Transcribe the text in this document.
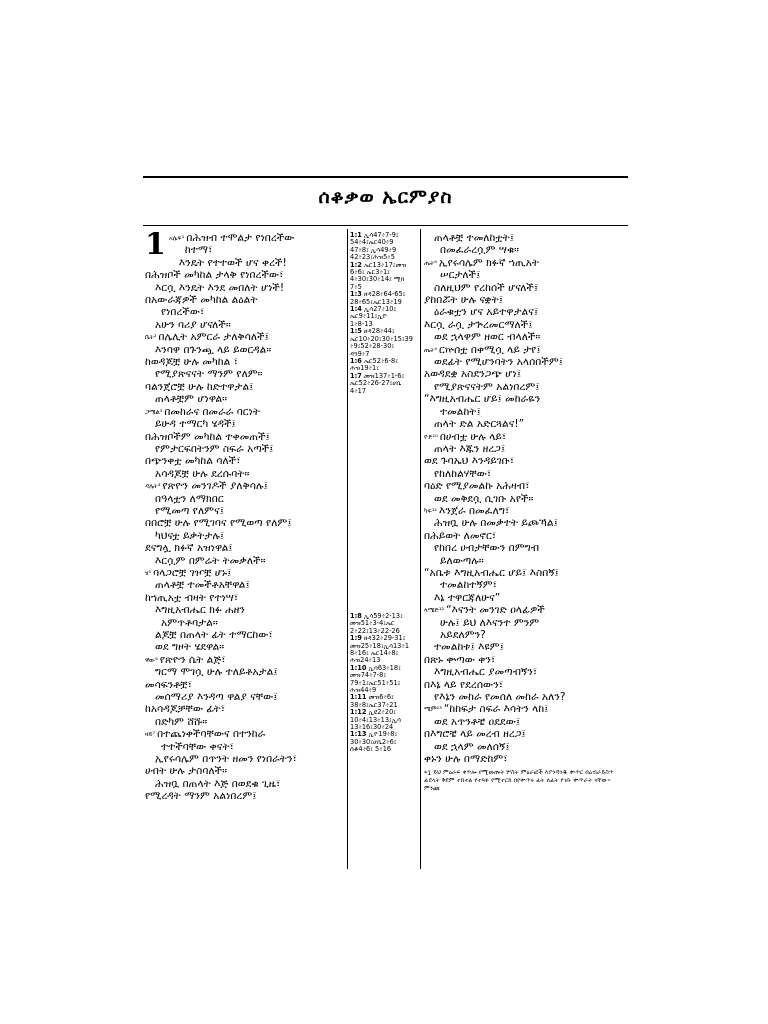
ሰቆቃወ ኤርምያስ
1 $^{አሌፍ^1}$ በሕዝብ ተሞልታ የነበረችው
ከተማ፣
እንዴት የተተወች ሆና ቀረች!
በሕዝቦች መካከል ታላቅ የነበረችው፣
እርሷ እንዴት እንደ መበለት ሆነች!
በአውራጃዎች መካከል ልዕልት
የነበረችው፣
አሁን ባሪያ ሆናለች።
$^{ቤት^2}$ በሌሊት አምርራ ታለቅሳለች፤
እንባዋ በጉንጯ ላይ ይወርዳል።
ከወዳጆቿ ሁሉ መካከል ፣
የሚያጽናናት ማንም የለም።
ባልንጀሮቿ ሁሉ ከድተዋታል፤
ጠላቶቿም ሆነዋል።
$^{ጋሜል^3}$ በመከራና በመራራ ባርነት
ይሁዳ ተማርካ ሄዳች፤
በሕዝቦችም መካከል ተቀመጠች፤
የምታርፍበትንም ስፍራ አጣች፤
በጭንቀቷ መካከል ሳለች፣
አሳዳጆቿ ሁሉ ደረሱባት።
$^{ዳሌት^4}$ የጽዮን መንገዶች ያለቅሳሉ፤
በዓላቷን ለማክበር
የሚመጣ የለምና፤
በበሮቿ ሁሉ የሚገባና የሚወጣ የለም፤
ካህናቷ ይቃትታሉ፤
ደናግሏ ክፉኛ አዝነዋል፤
እርሷም በምሬት ትመቃለች።
$^{ሄ^5}$ ባላጋሮቿ ገዦቿ ሆኑ፤
ጠላቶቿ ተመችቶአቸዋል፤
ከኀጢአቷ ብዛት የተነሣ፣
እግዚአብሔር ክፉ ሐዘን
አምጥቶባታል።
ልጆቿ በጠላት ፊት ተማርከው፣
ወደ ግዞት ሄደዋል።
$^{ዋው^6}$ የጽዮን ሴት ልጅ፣
ግርማ ሞገሷ ሁሉ ተለይቶአታል፤
መሳፍንቶቿ፣
መሰማሪያ እንዳጣ ዋልያ ናቸው፤
ከአሳዳጆቻቸው ፊት፣
በድካም ሸሹ።
$^{ዛይ^7}$ በተጨነቀችባቸውና በተንከራ
ተተችባቸው ቀናት፣
ኢየሩሳሌም በጥንት ዘመን የነበራትን፣
ሀብት ሁሉ ታስባለች።
ሕዝቧ በጠላት እጅ በወደቁ ጊዜ፣
የሚረዳት ማንም አልነበረም፤
1:1 ኢሳ47፥7-9፤
54፥4፤ኤር40፥9
47፥8፤ ኢሳ49፥9
42፥23፤ሕዝ5፥5
1:2 ኤር13፥17፤መዝ
6፥6፤ ኤር3፥1፤
4፥30፤30፥14፤ ሚክ
7፥5
1:3 ዘዳ28፥64-65፤
28፥65፤ኤር13፥19
1:4 ኢሳ27፥10፤
ኤር9፥11፤ኢዮ
1፥8-13
1:5 ዘዳ28፥44፤
ኤር10፥20፤30፥15፤39
፥9፤52፥28-30፤
ዳን9፥7
1:6 ኤር52፥6-8፤
ሕዝ19፥1፤
1:7 መዝ137፥1-6፤
ኤር52፥26-27፤ሆሴ
4፥17
1:8 ኢሳ59፥2-13፤
መዝ51፥3-4፤ኤር
2፥22፤13፥22-26
1:9 ዘዳ32፥29-31፤
መዝ25፥18፤ኢሳ13፥1
8፥16፤ ኤር14፥8፤
ሕዝ24፥13
1:10 ኢሳ63፥18፤
መዝ74፥7-8፤
79፥1፤ኤር51፥51፤
ሕዝ44፥9
1:11 መዝ6፥6፤
38፥8፤ኤር37፥21
1:12 ኢዩ2፥20፤
10፥4፤13፥13፤ኢሳ
13፥16፤30፥24
1:13 ኢዮ19፥8፤
30፥30፤ሆሴ2፥6፤
ሰቆ4፥6፤ 5፥16
ጠላቶቿ ተመለከቷት፤
በመፈራረሷም ሣቁ።
$^{ሔት^8}$ ኢየሩሳሌም ክፉኛ ኀጢአት
ሠርታለች፤
ስለዚህም የረከሰች ሆናለች፤
ያከበሯት ሁሉ ናቋት፤
ዕራቁቷን ሆና አይተዋታልና፤
እርሷ ራሷ ታጕረመርማለች፤
ወደ ኋላዋም ዘወር ብላለች።
$^{ጤት^9}$ ርኵሰቷ በቀሚሷ ላይ ታየ፤
ወደፊት የሚሆንባትን አላሰበችም፤
አወዳደቋ አስደንጋጭ ሆነ፤
የሚያጽናናትም አልነበረም፤
“እግዚአብሔር ሆይ፤ መከራዬን
ተመልከት፤
ጠላት ድል አድርጓልና!”
$^{ዮድ^{10}}$ በሀብቷ ሁሉ ላይ፣
ጠላት እጁን ዘረጋ፤
ወደ ጉባኤህ እንዳይገቡ፣
የከለከልሃቸው፣
ባዕድ የሚያመልኩ አሕዛብ፣
ወደ መቅደሷ ሲገቡ አየች።
$^{ካፍ^{11}}$ እንጀራ በመፈለግ፣
ሕዝቧ ሁሉ በመቃተት ይጮኻል፤
በሕይወት ለመኖር፣
የከበረ ሀብታቸውን በምግብ
ይለውጣሉ።
“አቤቱ እግዚአብሔር ሆይ፤ እስበኝ፤
ተመልከተኝም፣
እኔ ተዋርጃለሁና”
$^{ላሜድ^{12}}$ “እናንት መንገድ ዐላፊዎች
ሁሉ፤ ይህ ለእናንተ ምንም
አይደለምን?
ተመልከቱ፤ እዩም፤
በጽኑ ቍጣው ቀን፣
እግዚአብሔር ያመጣብኝን፣
በእኔ ላይ የደረሰውን፣
የእኔን መከራ የመሰለ መከራ አለን?
$^{ሜም^{13}}$ “ከከፍታ ስፍራ እሳትን ላከ፤
ወደ አጥንቶቼ ዐደደው፤
በእግሮቼ ላይ መረብ ዘረጋ፤
ወደ ኋላም መለሰኝ፤
ቀኑን ሁሉ በማድከም፣
*1 ይህ ምዕራፍ ቀጥሎ የሚመጡት ሦስት ምዕራፎች እያንዳንዱ ቍጥር በዕብራይስጥ ፊደላት ቅደም ተከተል የተጻፉ የሚተርክ በየቍጥሩ ፊት ለፊት የገቡ ቍጥራት ናቸው። ምንጩ
